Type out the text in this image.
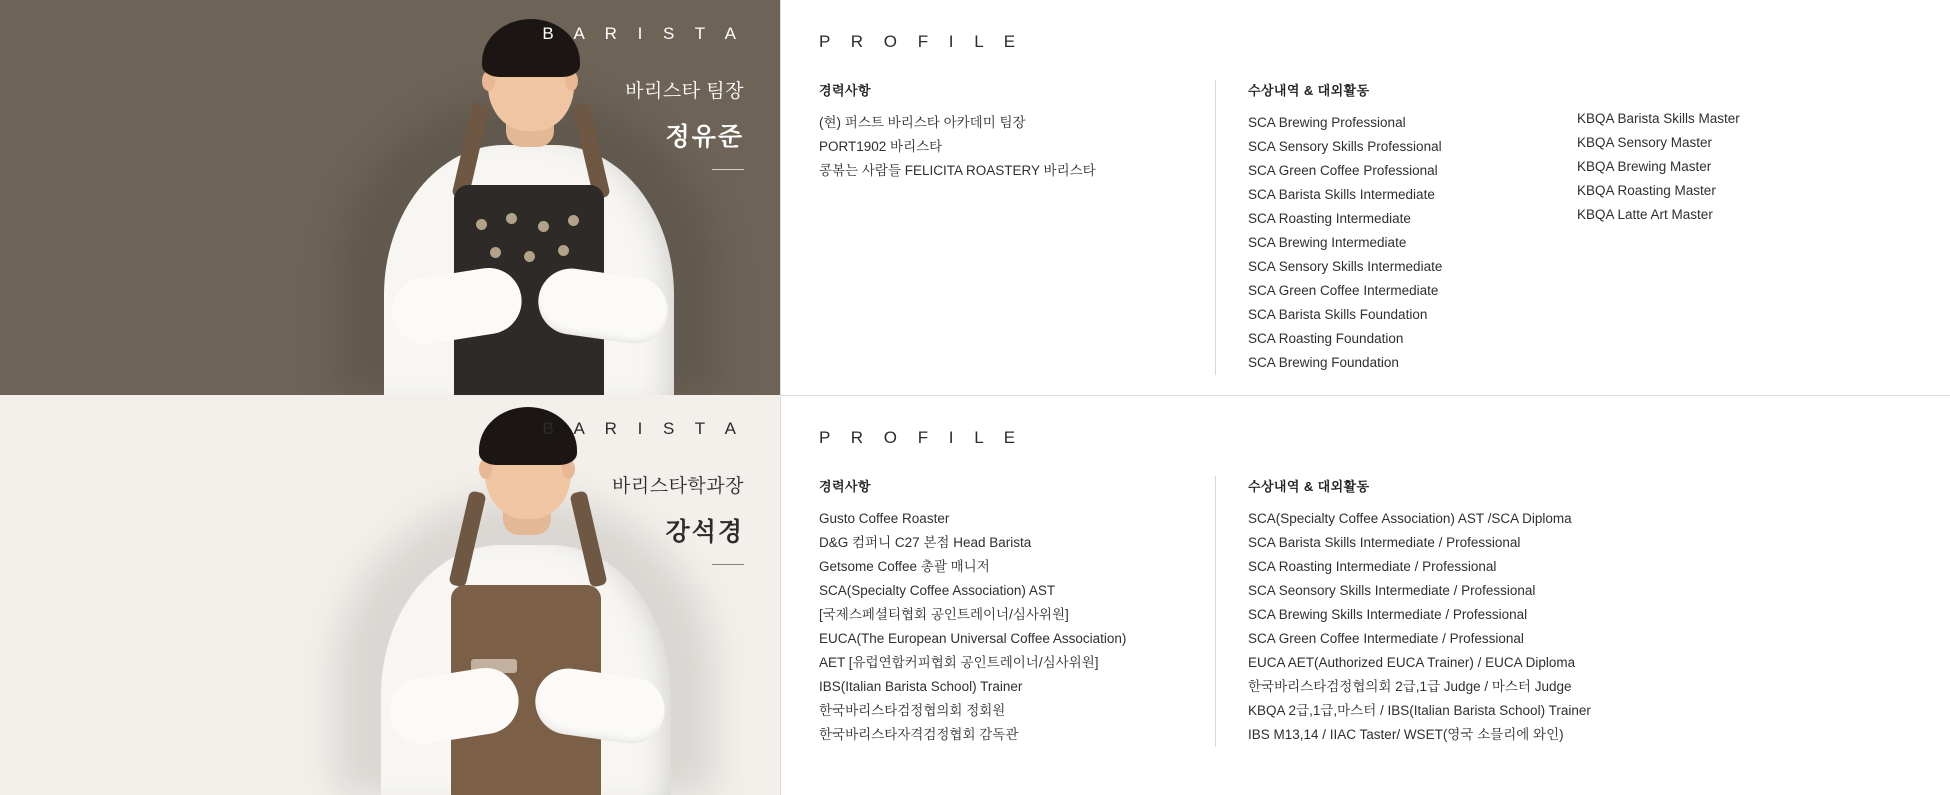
B A R I S T A
바리스타 팀장
정유준
P R O F I L E
경력사항
(현) 퍼스트 바리스타 아카데미 팀장
PORT1902 바리스타
콩볶는 사람들 FELICITA ROASTERY 바리스타
수상내역 & 대외활동
SCA Brewing Professional
SCA Sensory Skills Professional
SCA Green Coffee Professional
SCA Barista Skills Intermediate
SCA Roasting Intermediate
SCA Brewing Intermediate
SCA Sensory Skills Intermediate
SCA Green Coffee Intermediate
SCA Barista Skills Foundation
SCA Roasting Foundation
SCA Brewing Foundation
KBQA Barista Skills Master
KBQA Sensory Master
KBQA Brewing Master
KBQA Roasting Master
KBQA Latte Art Master
B A R I S T A
바리스타학과장
강석경
P R O F I L E
경력사항
Gusto Coffee Roaster
D&G 컴퍼니 C27 본점 Head Barista
Getsome Coffee 총괄 매니저
SCA(Specialty Coffee Association) AST
[국제스페셜티협회 공인트레이너/심사위원]
EUCA(The European Universal Coffee Association)
AET [유럽연합커피협회 공인트레이너/심사위원]
IBS(Italian Barista School) Trainer
한국바리스타검정협의회 정회원
한국바리스타자격검정협회 감독관
수상내역 & 대외활동
SCA(Specialty Coffee Association) AST /SCA Diploma
SCA Barista Skills Intermediate / Professional
SCA Roasting Intermediate / Professional
SCA Seonsory Skills Intermediate / Professional
SCA Brewing Skills Intermediate / Professional
SCA Green Coffee Intermediate / Professional
EUCA AET(Authorized EUCA Trainer) / EUCA Diploma
한국바리스타검정협의회 2급,1급 Judge / 마스터 Judge
KBQA 2급,1급,마스터 / IBS(Italian Barista School) Trainer
IBS M13,14 / IIAC Taster/ WSET(영국 소믈리에 와인)
